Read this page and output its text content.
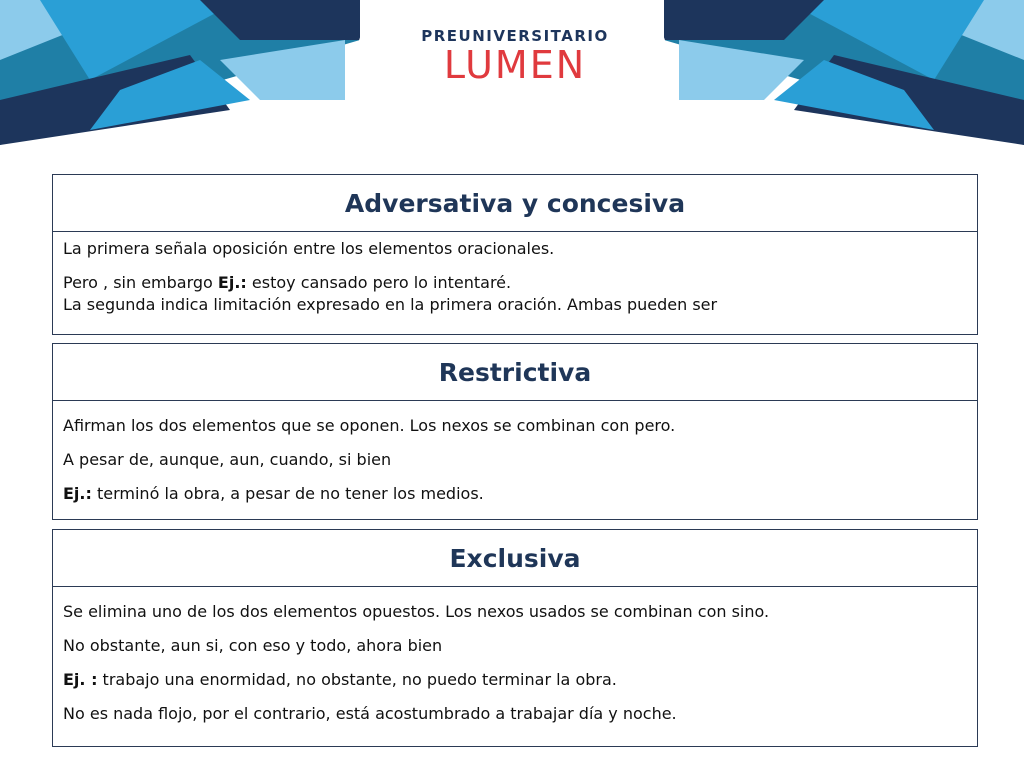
PREUNIVERSITARIO
LUMEN
Adversativa y concesiva

La primera señala oposición entre los elementos oracionales.

Pero , sin embargo Ej.: estoy cansado pero lo intentaré.

La segunda indica limitación expresado en la primera oración. Ambas pueden ser

Restrictiva

Afirman los dos elementos que se oponen. Los nexos se combinan con pero.

A pesar de, aunque, aun, cuando, si bien

Ej.: terminó la obra, a pesar de no tener los medios.

Exclusiva

Se elimina uno de los dos elementos opuestos. Los nexos usados se combinan con sino.

No obstante, aun si, con eso y todo, ahora bien

Ej. : trabajo una enormidad, no obstante, no puedo terminar la obra.

No es nada flojo, por el contrario, está acostumbrado a trabajar día y noche.
